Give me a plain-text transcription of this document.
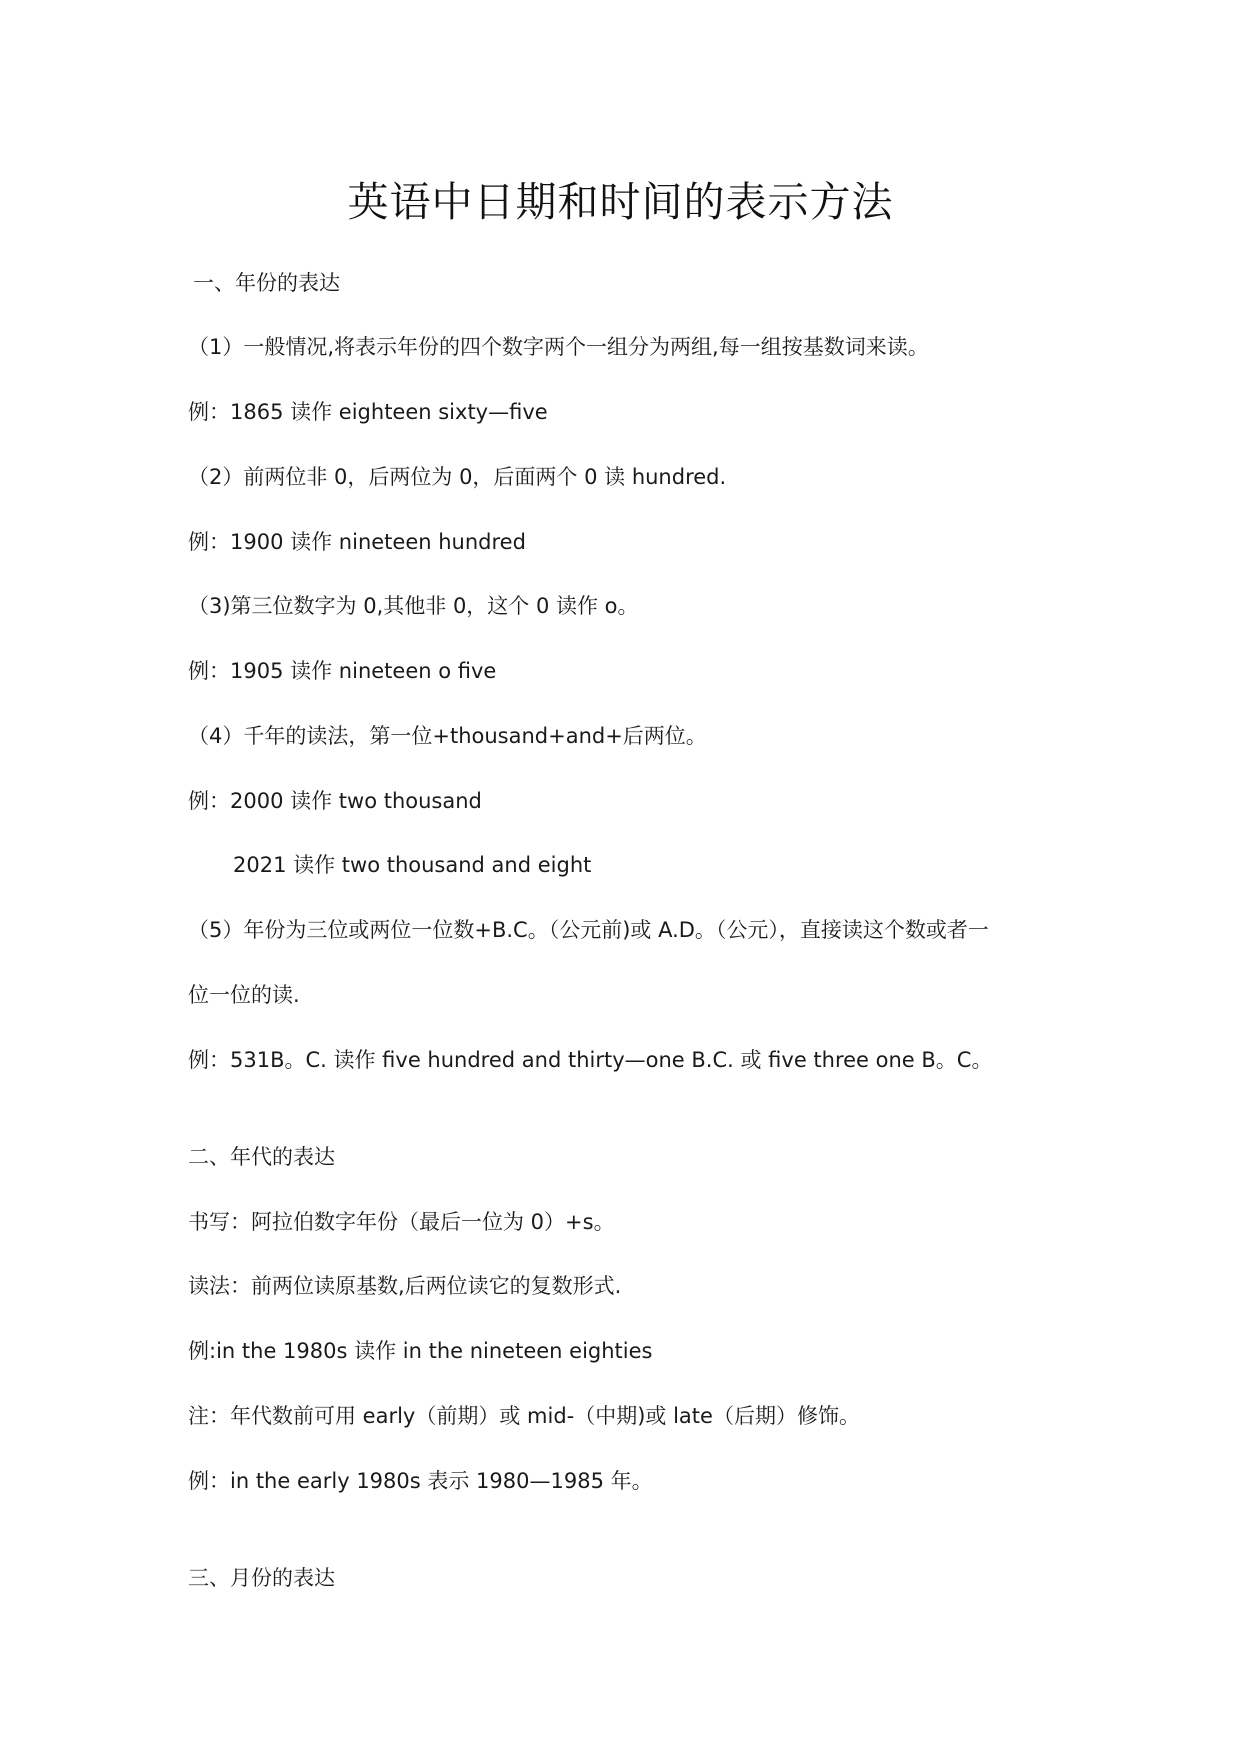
英语中日期和时间的表示方法
一、年份的表达
（1）一般情况,将表示年份的四个数字两个一组分为两组,每一组按基数词来读。
例：1865 读作 eighteen sixty—five
（2）前两位非 0，后两位为 0，后面两个 0 读 hundred.
例：1900 读作 nineteen hundred
（3)第三位数字为 0,其他非 0，这个 0 读作 o。
例：1905 读作 nineteen o five
（4）千年的读法，第一位+thousand+and+后两位。
例：2000 读作 two thousand
2021 读作 two thousand and eight
（5）年份为三位或两位一位数+B.C。（公元前)或 A.D。（公元），直接读这个数或者一
位一位的读.
例：531B。C. 读作 five hundred and thirty—one B.C. 或 five three one B。C。
二、年代的表达
书写：阿拉伯数字年份（最后一位为 0）+s。
读法：前两位读原基数,后两位读它的复数形式.
例:in the 1980s 读作 in the nineteen eighties
注：年代数前可用 early（前期）或 mid-（中期)或 late（后期）修饰。
例：in the early 1980s 表示 1980—1985 年。
三、月份的表达
